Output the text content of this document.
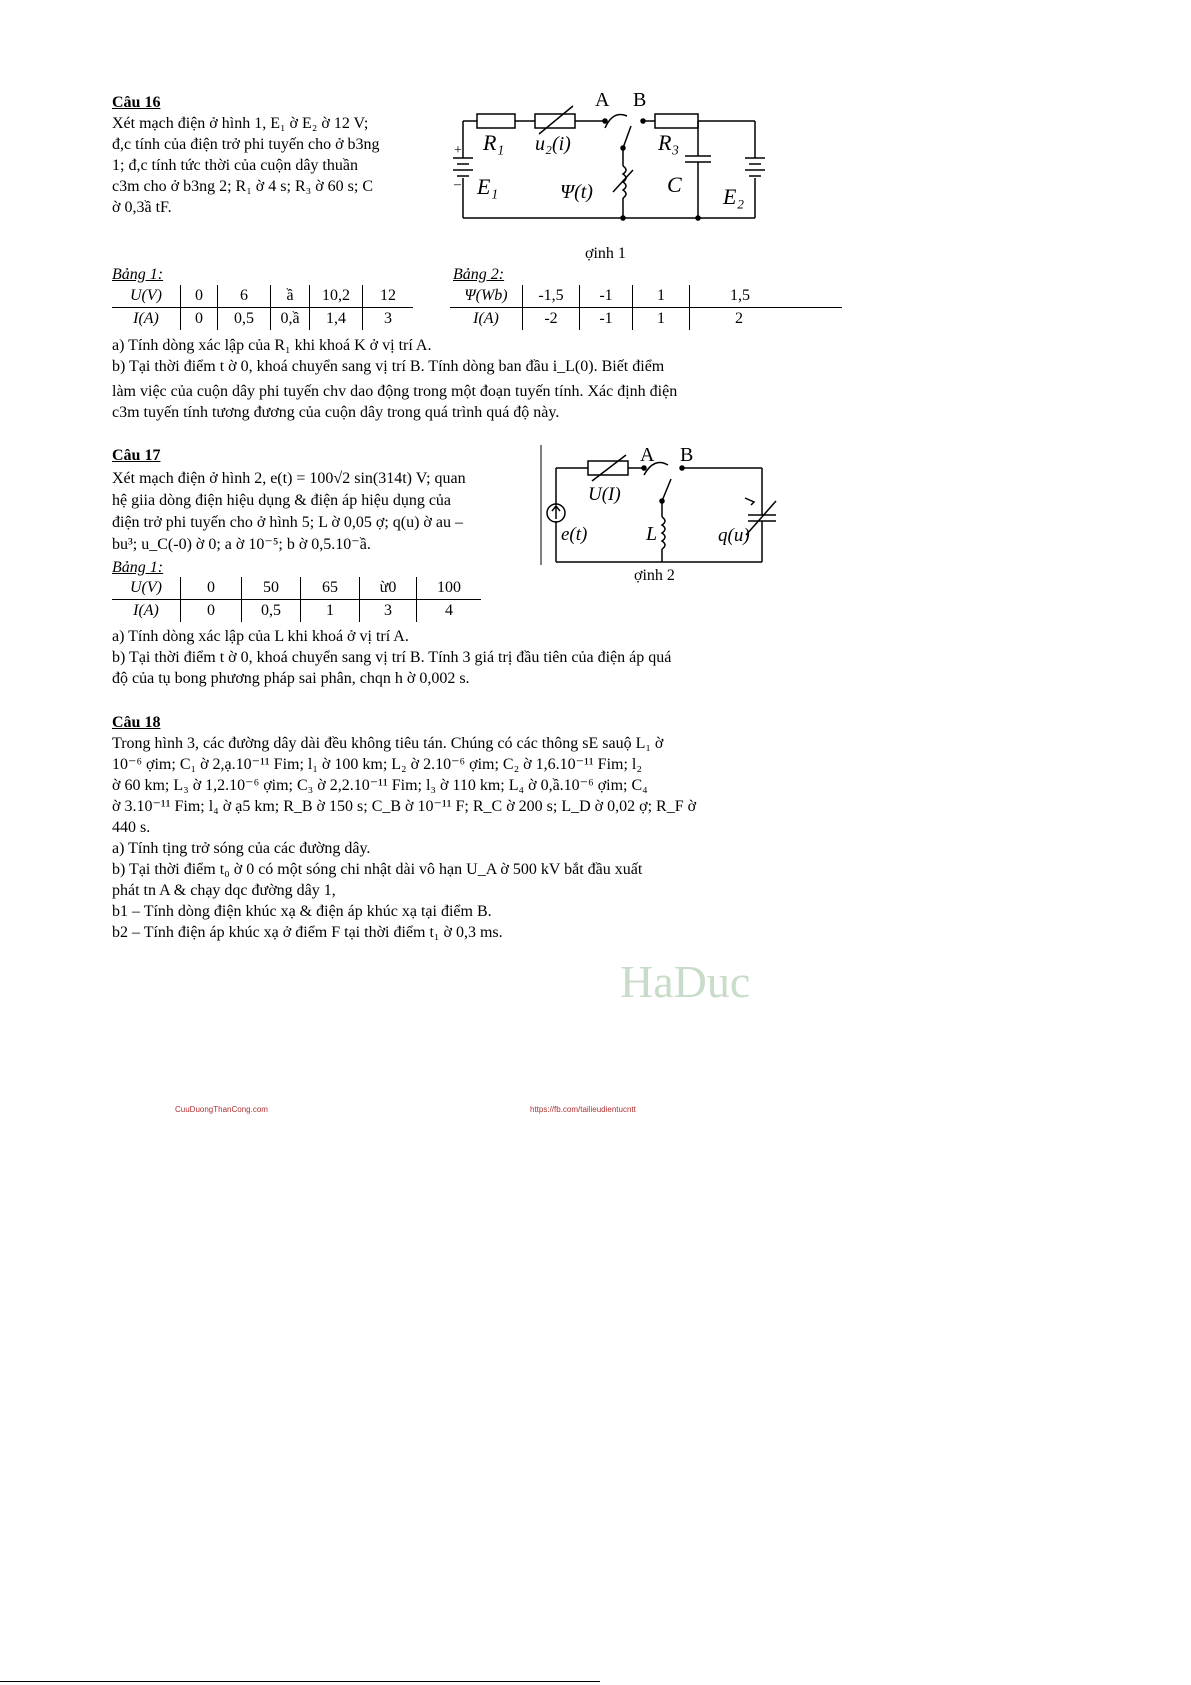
Câu 16
Xét mạch điện ở hình 1, E₁ ờ E₂ ờ 12 V;
đ,c tính của điện trở phi tuyến cho ở b3ng
1; đ,c tính tức thời của cuộn dây thuần
c3m cho ở b3ng 2; R₁ ờ 4 s; R₃ ờ 60 s; C
ờ 0,3ầ tF.
A B
R₁ u₂(i)	R₃
E₁	Ψ(t)	C E₂
+
–
ợinh 1
Bảng 1:
U(V)	0	6	ầ	10,2	12
I(A)	0	0,5	0,ầ	1,4	3
Bảng 2:
Ψ(Wb)	-1,5	-1	1	1,5
I(A)	-2	-1	1	2
a) Tính dòng xác lập của R₁ khi khoá K ở vị trí A.
b) Tại thời điểm t ờ 0, khoá chuyển sang vị trí B. Tính dòng ban đầu i_L(0). Biết điểm
làm việc của cuộn dây phi tuyến chv dao động trong một đoạn tuyến tính. Xác định điện
c3m tuyến tính tương đương của cuộn dây trong quá trình quá độ này.
Câu 17
Xét mạch điện ở hình 2, e(t) = 100√2 sin(314t) V; quan
hệ giia dòng điện hiệu dụng & điện áp hiệu dụng của
điện trở phi tuyến cho ở hình 5; L ờ 0,05 ợ; q(u) ờ au –
bu³; u_C(-0) ờ 0; a ờ 10⁻⁵; b ờ 0,5.10⁻ầ.
A B
U(I)
e(t)	L	q(u)
ợinh 2
Bảng 1:
U(V)	0	50	65	ừ0	100
I(A)	0	0,5	1	3	4
a) Tính dòng xác lập của L khi khoá ở vị trí A.
b) Tại thời điểm t ờ 0, khoá chuyển sang vị trí B. Tính 3 giá trị đầu tiên của điện áp quá
độ của tụ bong phương pháp sai phân, chqn h ờ 0,002 s.
Câu 18
Trong hình 3, các đường dây dài đều không tiêu tán. Chúng có các thông sE sauộ L₁ ờ
10⁻⁶ ợim; C₁ ờ 2,ạ.10⁻¹¹ Fim; l₁ ờ 100 km; L₂ ờ 2.10⁻⁶ ợim; C₂ ờ 1,6.10⁻¹¹ Fim; l₂
ờ 60 km; L₃ ờ 1,2.10⁻⁶ ợim; C₃ ờ 2,2.10⁻¹¹ Fim; l₃ ờ 110 km; L₄ ờ 0,ầ.10⁻⁶ ợim; C₄
ờ 3.10⁻¹¹ Fim; l₄ ờ ạ5 km; R_B ờ 150 s; C_B ờ 10⁻¹¹ F; R_C ờ 200 s; L_D ờ 0,02 ợ; R_F ờ
440 s.
a) Tính tịng trở sóng của các đường dây.
b) Tại thời điểm t₀ ờ 0 có một sóng chi nhật dài vô hạn U_A ờ 500 kV bắt đầu xuất
phát tn A & chạy dqc đường dây 1,
b1 – Tính dòng điện khúc xạ & điện áp khúc xạ tại điểm B.
b2 – Tính điện áp khúc xạ ở điểm F tại thời điểm t₁ ờ 0,3 ms.
HaDuc
CuuDuongThanCong.com	https://fb.com/tailieudientucntt
